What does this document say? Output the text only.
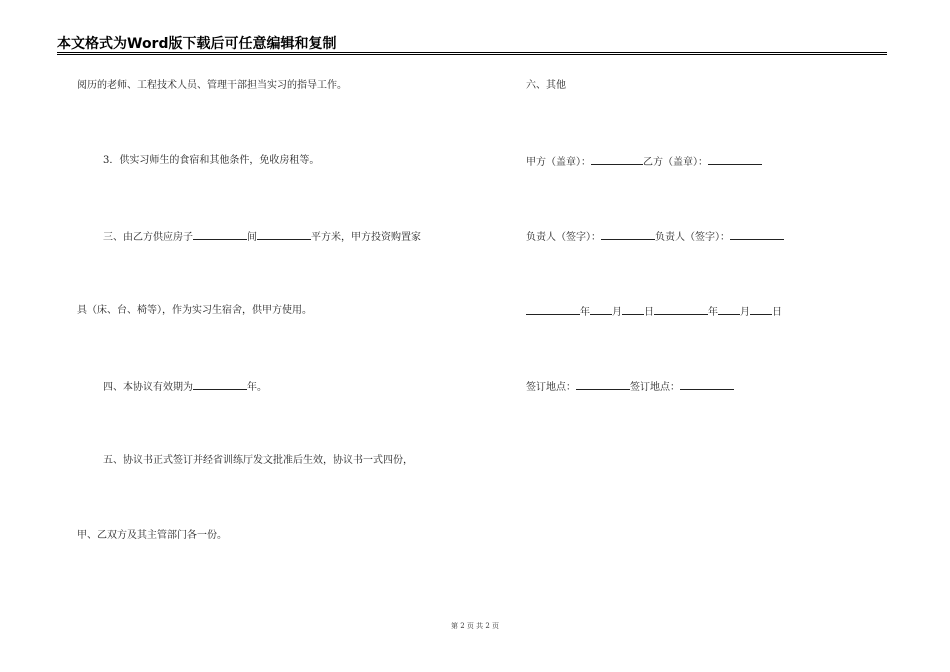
本文格式为Word版下载后可任意编辑和复制
阅历的老师、工程技术人员、管理干部担当实习的指导工作。
3．供实习师生的食宿和其他条件，免收房租等。
三、由乙方供应房子	间	平方米，甲方投资购置家
具（床、台、椅等），作为实习生宿舍，供甲方使用。
四、本协议有效期为	年。
五、协议书正式签订并经省训练厅发文批准后生效，协议书一式四份，
甲、乙双方及其主管部门各一份。
六、其他
甲方（盖章）：	乙方（盖章）：
负责人（签字）：	负责人（签字）：
年 月 日	年 月 日
签订地点：	签订地点：
第 2 页 共 2 页
